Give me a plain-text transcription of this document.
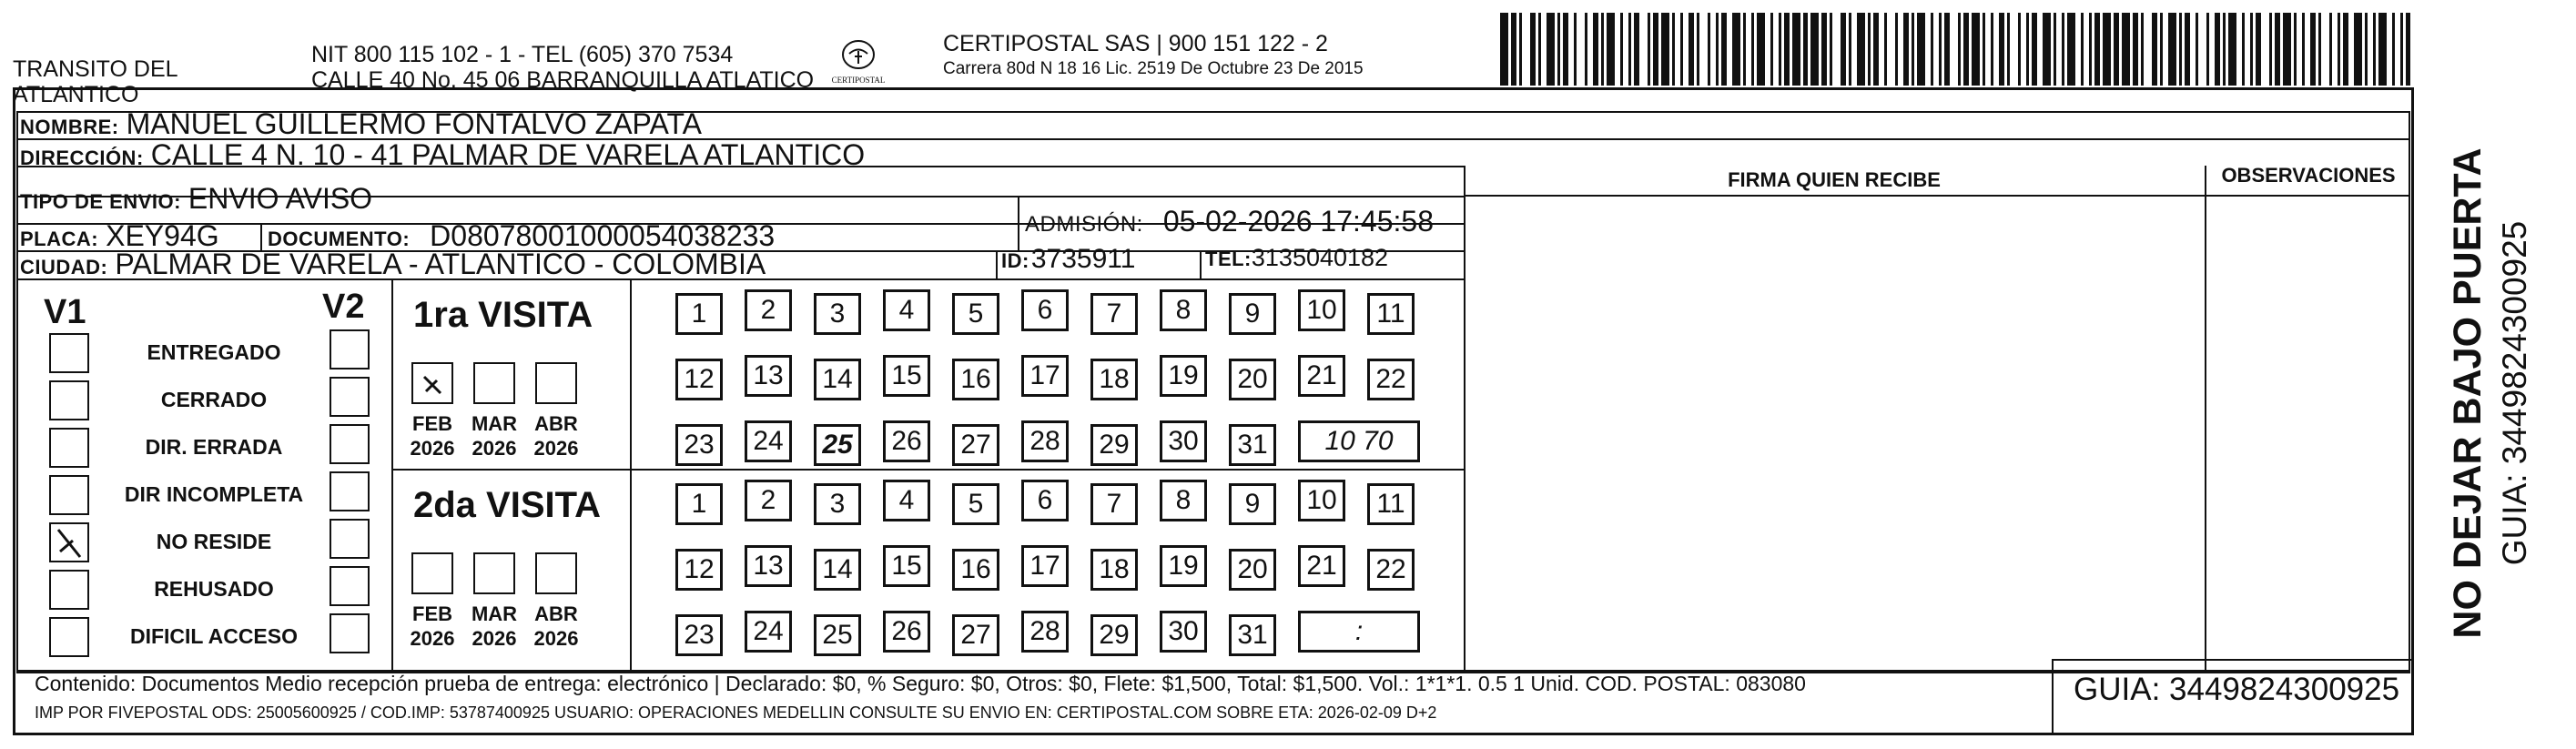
TRANSITO DEL
ATLANTICO
NIT 800 115 102 - 1 - TEL (605) 370 7534
CALLE 40 No. 45 06 BARRANQUILLA ATLATICO	CERTIPOSTAL
CERTIPOSTAL SAS | 900 151 122 - 2
Carrera 80d N 18 16 Lic. 2519 De Octubre 23 De 2015
NOMBRE: MANUEL GUILLERMO FONTALVO ZAPATA
DIRECCIÓN: CALLE 4 N. 10 - 41 PALMAR DE VARELA ATLANTICO
TIPO DE ENVIO: ENVIO AVISO
PLACA: XEY94G DOCUMENTO: D08078001000054038233	ADMISIÓN: 05-02-2026 17:45:58
CIUDAD: PALMAR DE VARELA - ATLANTICO - COLOMBIA	ID: 3735911	TEL: 3135040182
FIRMA QUIEN RECIBE	OBSERVACIONES
V1	V2
ENTREGADO
CERRADO
DIR. ERRADA
DIR INCOMPLETA
NO RESIDE
REHUSADO
DIFICIL ACCESO
1ra VISITA
FEB
2026
MAR
2026
ABR
2026
1	2	3	4	5	6	7	8	9	10	11
12	13	14	15	16	17	18	19	20	21	22
23	24	25	26	27	28	29	30	31	10 70
2da VISITA
FEB
2026
MAR
2026
ABR
2026
1	2	3	4	5	6	7	8	9	10	11
12	13	14	15	16	17	18	19	20	21	22
23	24	25	26	27	28	29	30	31	:
Contenido: Documentos Medio recepción prueba de entrega: electrónico | Declarado: $0, % Seguro: $0, Otros: $0, Flete: $1,500, Total: $1,500. Vol.: 1*1*1. 0.5 1 Unid. COD. POSTAL: 083080
IMP POR FIVEPOSTAL ODS: 25005600925 / COD.IMP: 53787400925 USUARIO: OPERACIONES MEDELLIN CONSULTE SU ENVIO EN: CERTIPOSTAL.COM SOBRE ETA: 2026-02-09 D+2
GUIA: 3449824300925
NO DEJAR BAJO PUERTA GUIA: 3449824300925
